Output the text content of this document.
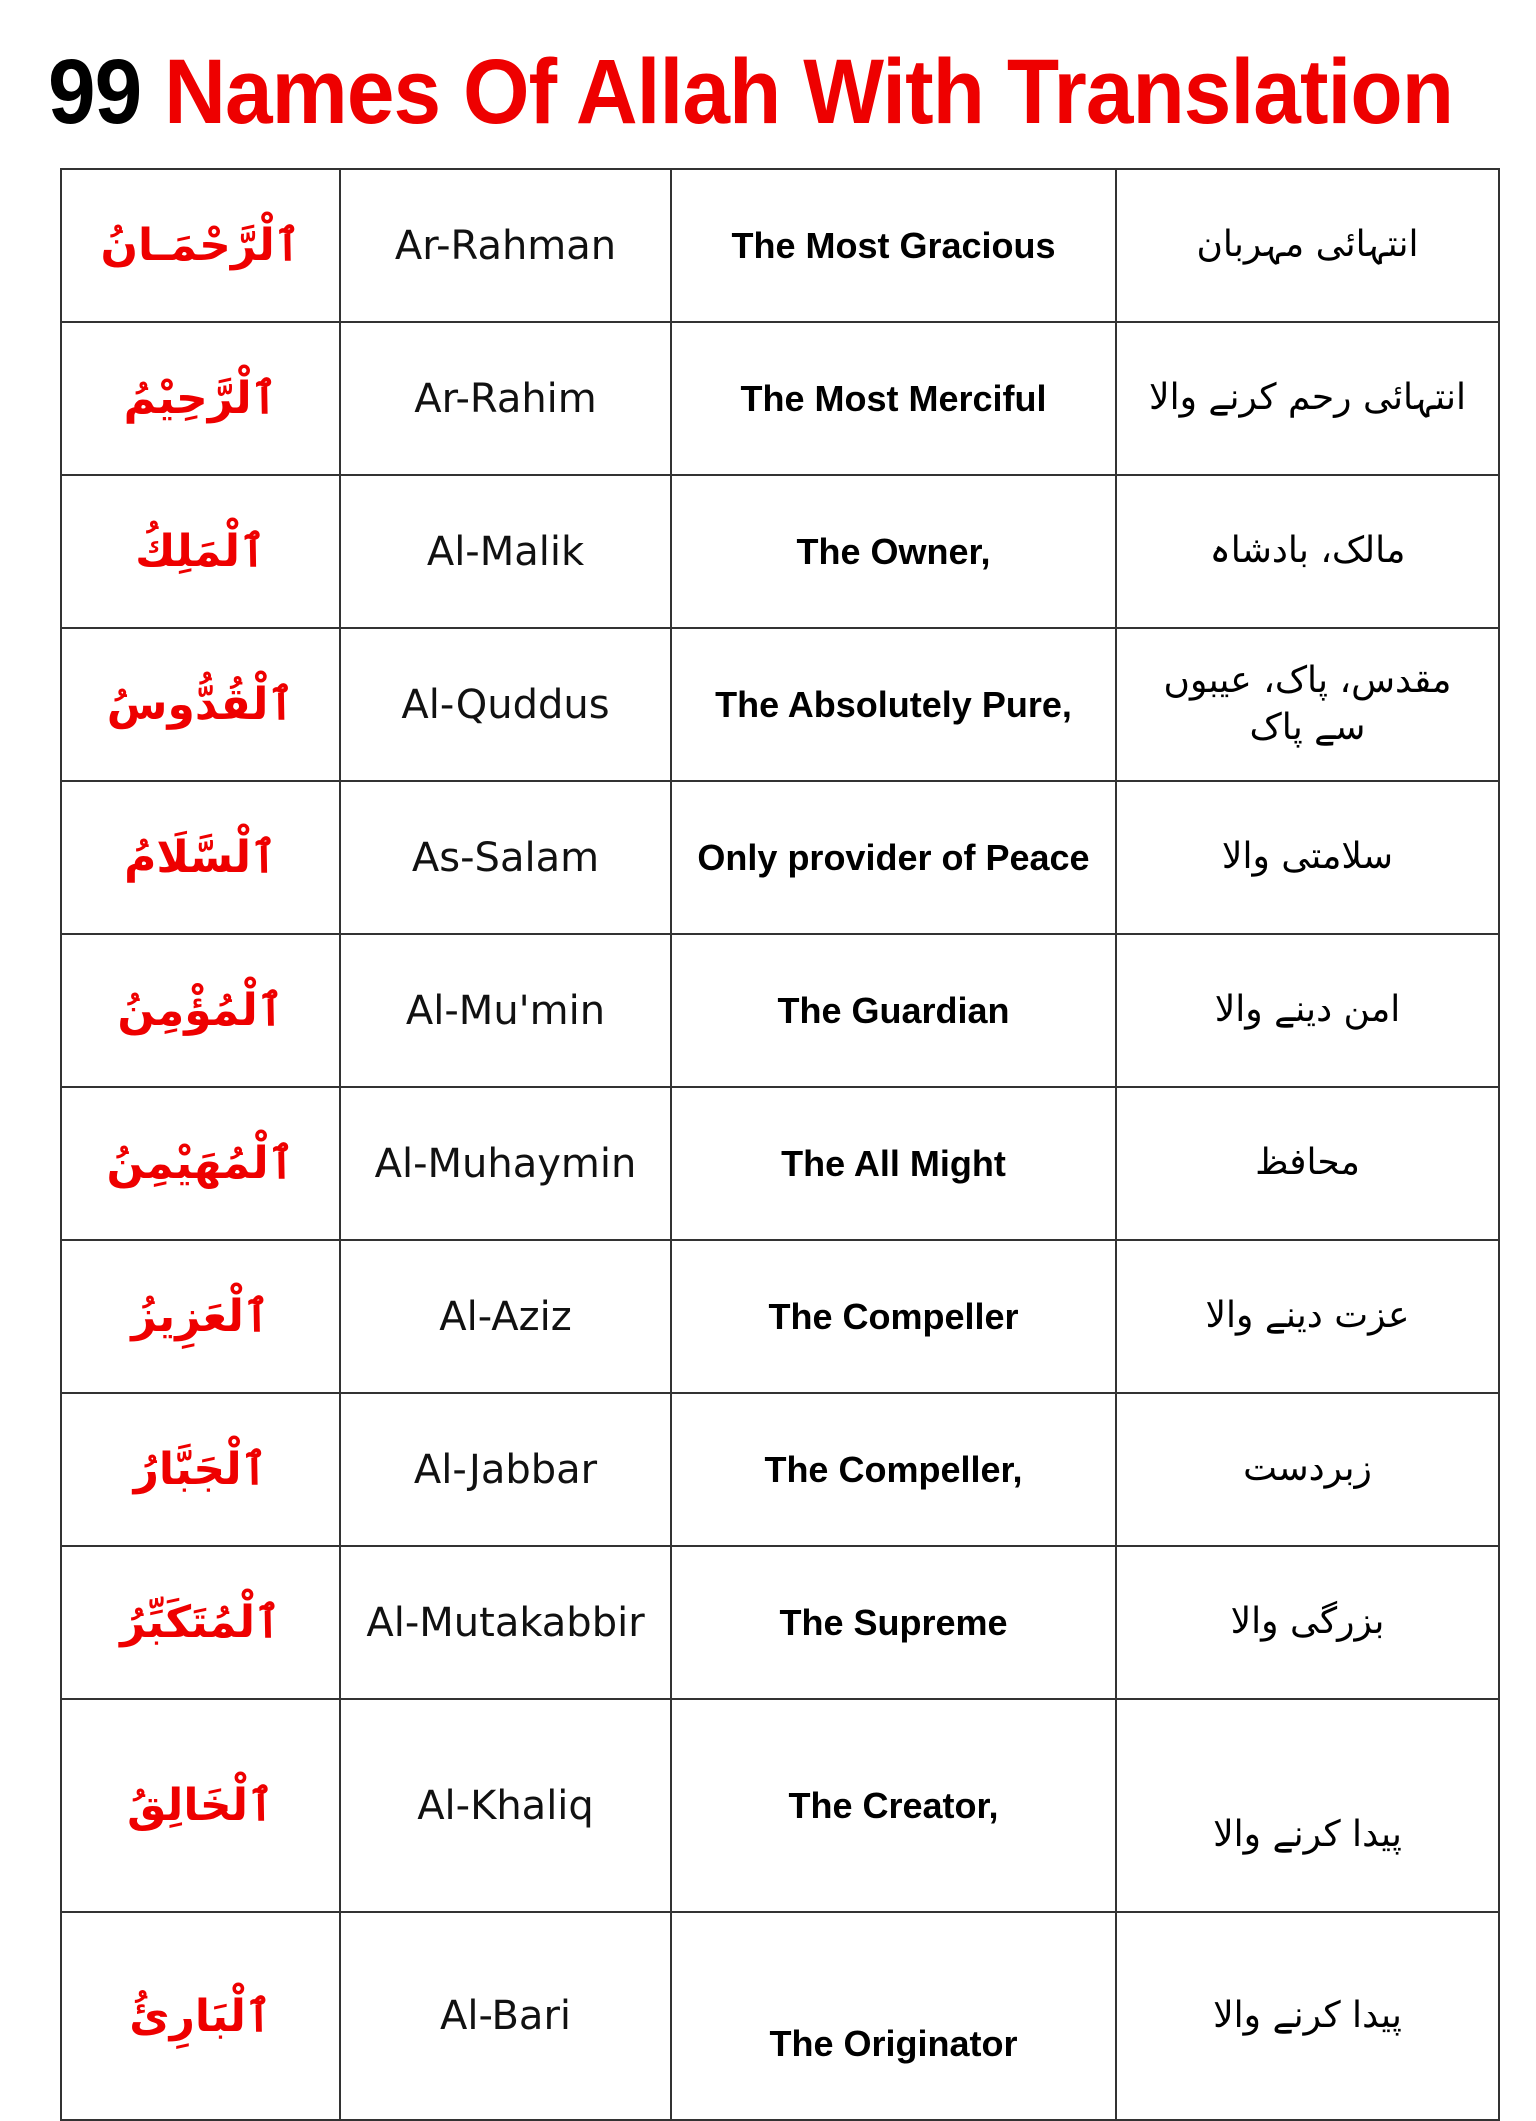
99 Names Of Allah With Translation
ٱلْرَّحْمَـانُ	Ar-Rahman	The Most Gracious	انتہائی مہربان
ٱلْرَّحِيْمُ	Ar-Rahim	The Most Merciful	انتہائی رحم کرنے والا
ٱلْمَلِكُ	Al-Malik	The Owner,	مالک، بادشاہ
ٱلْقُدُّوسُ	Al-Quddus	The Absolutely Pure,	مقدس، پاک، عیبوں سے پاک
ٱلْسَّلَامُ	As-Salam	Only provider of Peace	سلامتی والا
ٱلْمُؤْمِنُ	Al-Mu'min	The Guardian	امن دینے والا
ٱلْمُهَيْمِنُ	Al-Muhaymin	The All Might	محافظ
ٱلْعَزِيزُ	Al-Aziz	The Compeller	عزت دینے والا
ٱلْجَبَّارُ	Al-Jabbar	The Compeller,	زبردست
ٱلْمُتَكَبِّرُ	Al-Mutakabbir	The Supreme	بزرگی والا
ٱلْخَالِقُ	Al-Khaliq	The Creator,	پیدا کرنے والا
ٱلْبَارِئُ	Al-Bari	The Originator	پیدا کرنے والا
